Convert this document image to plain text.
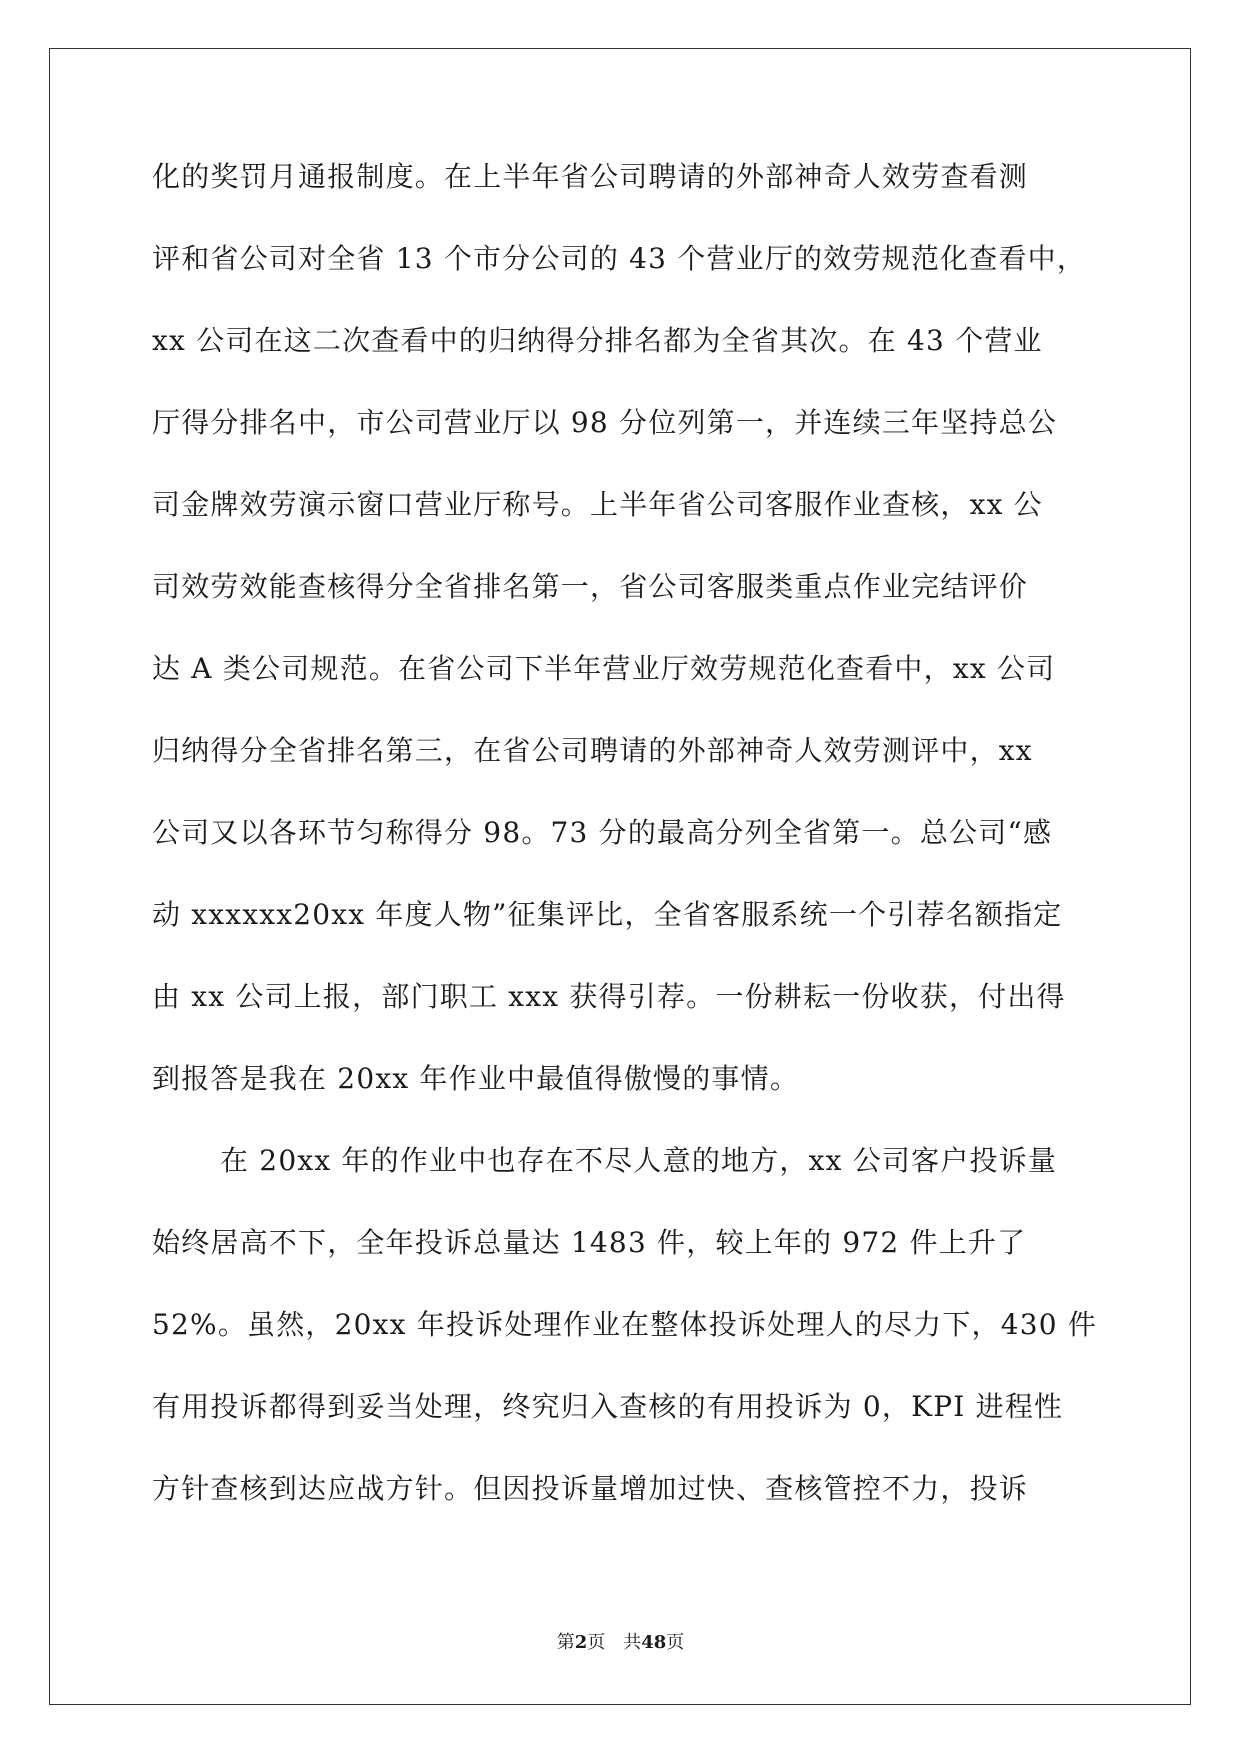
化的奖罚月通报制度。在上半年省公司聘请的外部神奇人效劳查看测
评和省公司对全省 13 个市分公司的 43 个营业厅的效劳规范化查看中，
xx 公司在这二次查看中的归纳得分排名都为全省其次。在 43 个营业
厅得分排名中，市公司营业厅以 98 分位列第一，并连续三年坚持总公
司金牌效劳演示窗口营业厅称号。上半年省公司客服作业查核，xx 公
司效劳效能查核得分全省排名第一，省公司客服类重点作业完结评价
达 A 类公司规范。在省公司下半年营业厅效劳规范化查看中，xx 公司
归纳得分全省排名第三，在省公司聘请的外部神奇人效劳测评中，xx
公司又以各环节匀称得分 98。73 分的最高分列全省第一。总公司“感
动 xxxxxx20xx 年度人物”征集评比，全省客服系统一个引荐名额指定
由 xx 公司上报，部门职工 xxx 获得引荐。一份耕耘一份收获，付出得
到报答是我在 20xx 年作业中最值得傲慢的事情。
在 20xx 年的作业中也存在不尽人意的地方，xx 公司客户投诉量
始终居高不下，全年投诉总量达 1483 件，较上年的 972 件上升了
52%。虽然，20xx 年投诉处理作业在整体投诉处理人的尽力下，430 件
有用投诉都得到妥当处理，终究归入查核的有用投诉为 0，KPI 进程性
方针查核到达应战方针。但因投诉量增加过快、查核管控不力，投诉
第2页　共48页
